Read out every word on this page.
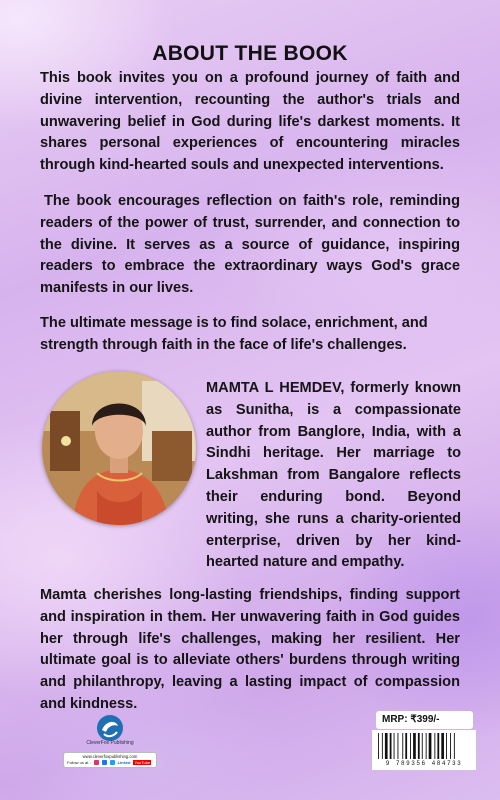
ABOUT THE BOOK

This book invites you on a profound journey of faith and divine intervention, recounting the author's trials and unwavering belief in God during life's darkest moments. It shares personal experiences of encountering miracles through kind-hearted souls and unexpected interventions.

The book encourages reflection on faith's role, reminding readers of the power of trust, surrender, and connection to the divine. It serves as a source of guidance, inspiring readers to embrace the extraordinary ways God's grace manifests in our lives.

The ultimate message is to find solace, enrichment, and strength through faith in the face of life's challenges.

MAMTA L HEMDEV, formerly known as Sunitha, is a compassionate author from Banglore, India, with a Sindhi heritage. Her marriage to Lakshman from Bangalore reflects their enduring bond. Beyond writing, she runs a charity-oriented enterprise, driven by her kind-hearted nature and empathy.

Mamta cherishes long-lasting friendships, finding support and inspiration in them. Her unwavering faith in God guides her through life's challenges, making her resilient. Her ultimate goal is to alleviate others' burdens through writing and philanthropy, leaving a lasting impact of compassion and kindness.

CleverFox Publishing
www.cleverfoxpublishing.com
Follow us at :	Linked YouTube
MRP: ₹399/-
9 789356 484733
